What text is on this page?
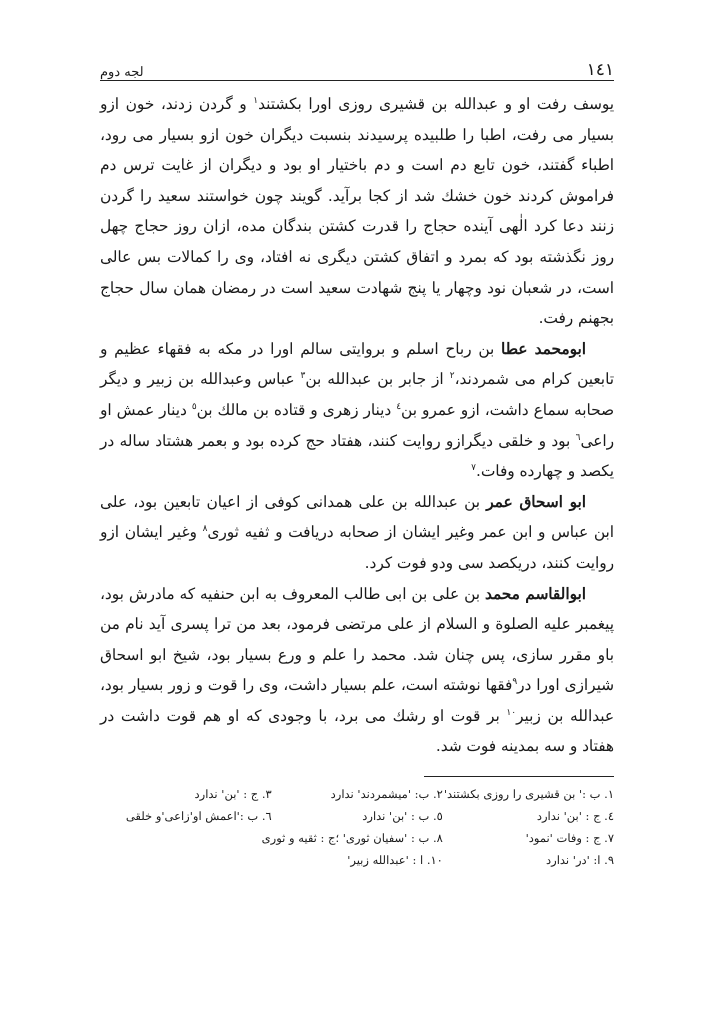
١٤١
لجه دوم

يوسف رفت او و عبدالله بن قشيرى روزى اورا بكشتند$^١$ و گردن زدند، خون ازو بسيار مى رفت، اطبا را طلبيده پرسيدند بنسبت ديگران خون ازو بسيار مى رود، اطباء گفتند، خون تابع دم است و دم باختيار او بود و ديگران از غايت ترس دم فراموش كردند خون خشك شد از كجا برآيد. گويند چون خواستند سعيد را گردن زنند دعا كرد الٰهى آينده حجاج را قدرت كشتن بندگان مده، ازان روز حجاج چهل روز نگذشته بود كه بمرد و اتفاق كشتن ديگرى نه افتاد، وى را كمالات بس عالى است، در شعبان نود وچهار يا پنج شهادت سعيد است در رمضان همان سال حجاج بجهنم رفت.

ابومحمد عطا بن رباح اسلم و بروايتى سالم اورا در مكه به فقهاء عظيم و تابعين كرام مى شمردند،$^٢$ از جابر بن عبدالله بن$^٣$ عباس وعبدالله بن زبير و ديگر صحابه سماع داشت، ازو عمرو بن$^٤$ دينار زهرى و قتاده بن مالك بن$^٥$ دينار عمش او راعى$^٦$ بود و خلقى ديگرازو روايت كنند، هفتاد حج كرده بود و بعمر هشتاد ساله در يكصد و چهارده وفات.$^٧$

ابو اسحاق عمر بن عبدالله بن على همدانى كوفى از اعيان تابعين بود، على ابن عباس و ابن عمر وغير ايشان از صحابه دريافت و ثفيه ثورى$^٨$ وغير ايشان ازو روايت كنند، دريكصد سى ودو فوت كرد.

ابوالقاسم محمد بن على بن ابى طالب المعروف به ابن حنفيه كه مادرش بود، پيغمبر عليه الصلوة و السلام از على مرتضى فرمود، بعد من ترا پسرى آيد نام من باو مقرر سازى، پس چنان شد. محمد را علم و ورع بسيار بود، شيخ ابو اسحاق شيرازى اورا در$^٩$فقها نوشته است، علم بسيار داشت، وى را قوت و زور بسيار بود، عبدالله بن زبير$^{١٠}$ بر قوت او رشك مى برد، با وجودى كه او هم قوت داشت در هفتاد و سه بمدينه فوت شد.

١. ب :' بن قشيرى را روزى بكشتند'
٢. ب: 'ميشمردند' ندارد
٣. ج : 'بن' ندارد
٤. ج : 'بن' ندارد
٥. ب : 'بن' ندارد
٦. ب :'اعمش او'زاعى'و خلقى
٧. ج : وفات 'نمود'
٨. ب : 'سفيان ثورى' ؛ج : ثقيه و ثورى
٩. ا: 'در' ندارد
١٠. ا : 'عبدالله زبير'
